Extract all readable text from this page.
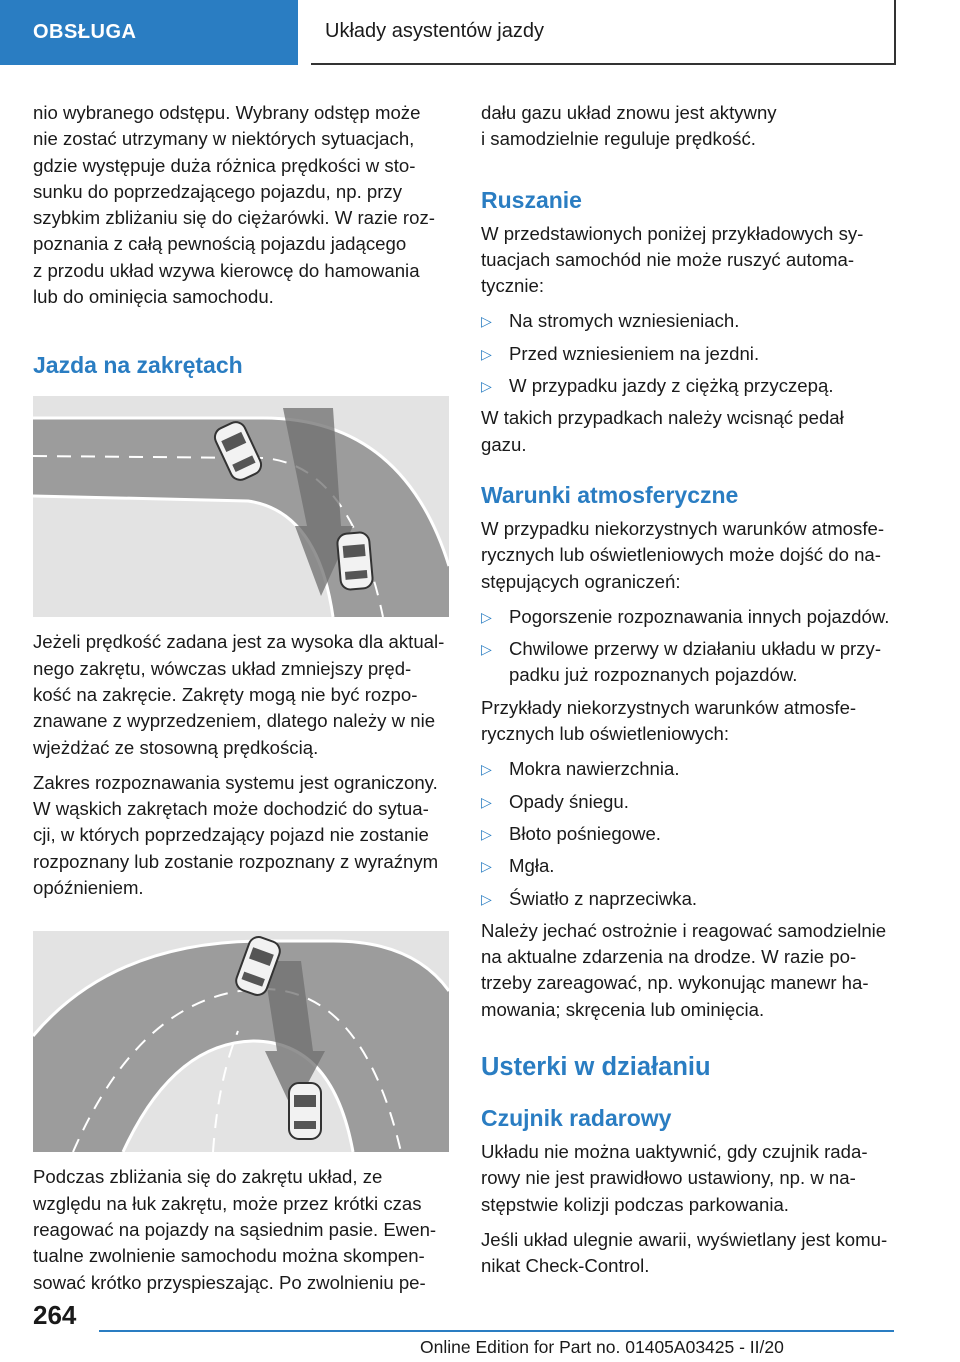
OBSŁUGA	Układy asystentów jazdy

nio wybranego odstępu. Wybrany odstęp może
nie zostać utrzymany w niektórych sytuacjach,
gdzie występuje duża różnica prędkości w sto-
sunku do poprzedzającego pojazdu, np. przy
szybkim zbliżaniu się do ciężarówki. W razie roz-
poznania z całą pewnością pojazdu jadącego
z przodu układ wzywa kierowcę do hamowania
lub do ominięcia samochodu.

Jazda na zakrętach

Jeżeli prędkość zadana jest za wysoka dla aktual-
nego zakrętu, wówczas układ zmniejszy pręd-
kość na zakręcie. Zakręty mogą nie być rozpo-
znawane z wyprzedzeniem, dlatego należy w nie
wjeżdżać ze stosowną prędkością.

Zakres rozpoznawania systemu jest ograniczony.
W wąskich zakrętach może dochodzić do sytua-
cji, w których poprzedzający pojazd nie zostanie
rozpoznany lub zostanie rozpoznany z wyraźnym
opóźnieniem.

Podczas zbliżania się do zakrętu układ, ze
względu na łuk zakrętu, może przez krótki czas
reagować na pojazdy na sąsiednim pasie. Ewen-
tualne zwolnienie samochodu można skompen-
sować krótko przyspieszając. Po zwolnieniu pe-

dału gazu układ znowu jest aktywny
i samodzielnie reguluje prędkość.

Ruszanie

W przedstawionych poniżej przykładowych sy-
tuacjach samochód nie może ruszyć automa-
tycznie:

▷ Na stromych wzniesieniach.
▷ Przed wzniesieniem na jezdni.
▷ W przypadku jazdy z ciężką przyczepą.

W takich przypadkach należy wcisnąć pedał
gazu.

Warunki atmosferyczne

W przypadku niekorzystnych warunków atmosfe-
rycznych lub oświetleniowych może dojść do na-
stępujących ograniczeń:

▷ Pogorszenie rozpoznawania innych pojazdów.
▷ Chwilowe przerwy w działaniu układu w przy-
padku już rozpoznanych pojazdów.

Przykłady niekorzystnych warunków atmosfe-
rycznych lub oświetleniowych:

▷ Mokra nawierzchnia.
▷ Opady śniegu.
▷ Błoto pośniegowe.
▷ Mgła.
▷ Światło z naprzeciwka.

Należy jechać ostrożnie i reagować samodzielnie
na aktualne zdarzenia na drodze. W razie po-
trzeby zareagować, np. wykonując manewr ha-
mowania; skręcenia lub ominięcia.

Usterki w działaniu
Czujnik radarowy

Układu nie można uaktywnić, gdy czujnik rada-
rowy nie jest prawidłowo ustawiony, np. w na-
stępstwie kolizji podczas parkowania.

Jeśli układ ulegnie awarii, wyświetlany jest komu-
nikat Check-Control.

264
Online Edition for Part no. 01405A03425 - II/20
